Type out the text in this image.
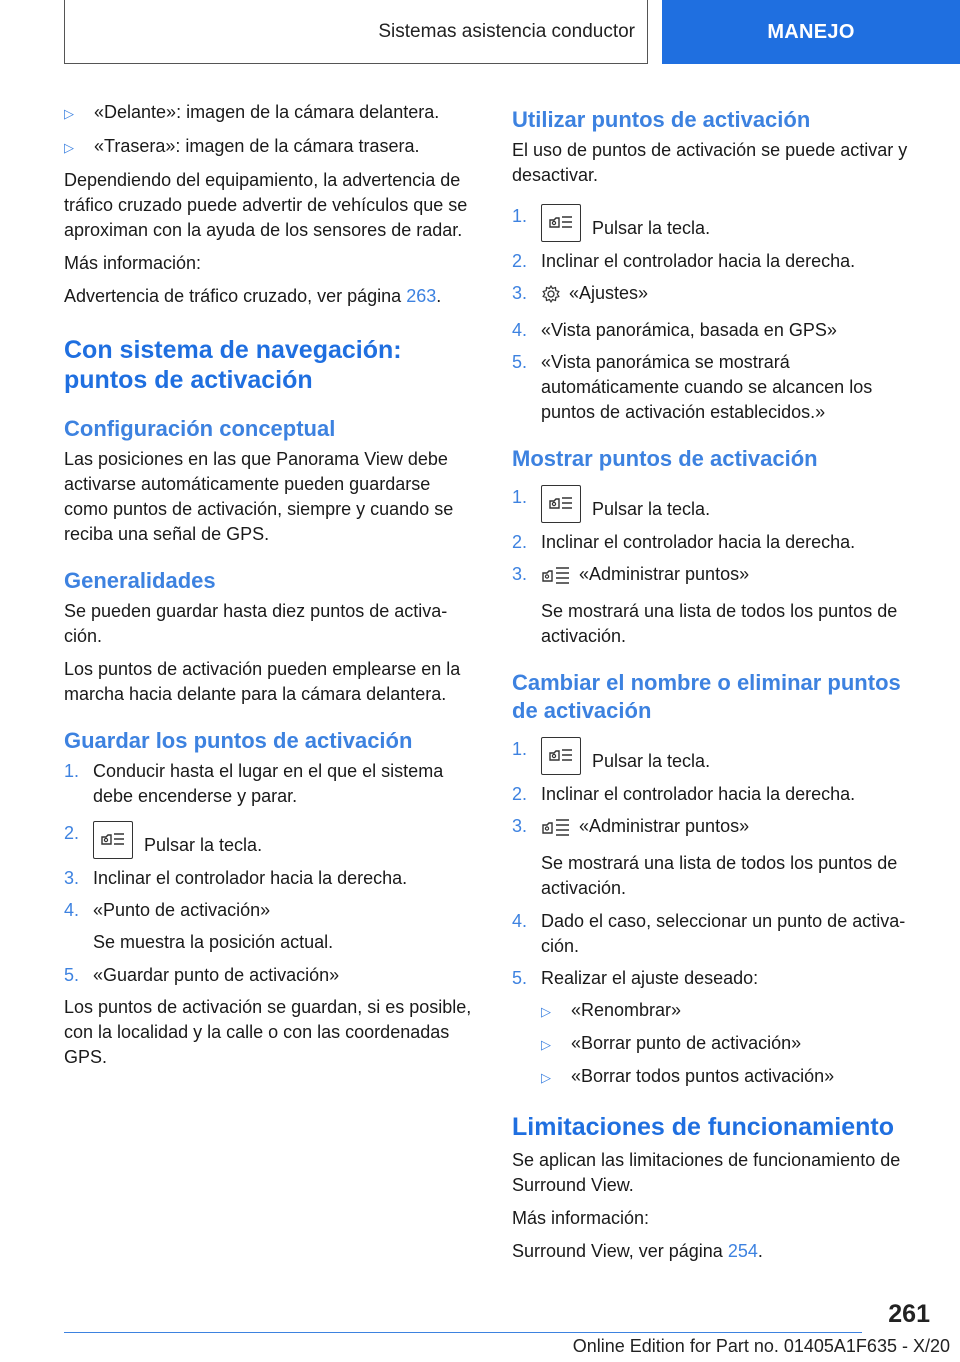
Sistemas asistencia conductor	MANEJO
▷	«Delante»: imagen de la cámara delantera.
▷	«Trasera»: imagen de la cámara trasera.

Dependiendo del equipamiento, la advertencia de tráfico cruzado puede advertir de vehículos que se aproximan con la ayuda de los sensores de radar.

Más información:

Advertencia de tráfico cruzado, ver página 263.

Con sistema de navegación: puntos de activación
Configuración conceptual

Las posiciones en las que Panorama View debe activarse automáticamente pueden guardarse como puntos de activación, siempre y cuando se reciba una señal de GPS.

Generalidades

Se pueden guardar hasta diez puntos de activación.

Los puntos de activación pueden emplearse en la marcha hacia delante para la cámara delantera.

Guardar los puntos de activación
1. Conducir hasta el lugar en el que el sistema debe encenderse y parar.
2.
Pulsar la tecla.
3. Inclinar el controlador hacia la derecha.
4. «Punto de activación»
Se muestra la posición actual.
5. «Guardar punto de activación»

Los puntos de activación se guardan, si es posible, con la localidad y la calle o con las coordenadas GPS.

Utilizar puntos de activación

El uso de puntos de activación se puede activar y desactivar.

1.
Pulsar la tecla.
2. Inclinar el controlador hacia la derecha.
3.	«Ajustes»
4. «Vista panorámica, basada en GPS»
5. «Vista panorámica se mostrará automáticamente cuando se alcancen los puntos de activación establecidos.»
Mostrar puntos de activación
1.
Pulsar la tecla.
2. Inclinar el controlador hacia la derecha.
3.	«Administrar puntos»
Se mostrará una lista de todos los puntos de activación.
Cambiar el nombre o eliminar puntos de activación
1.
Pulsar la tecla.
2. Inclinar el controlador hacia la derecha.
3.	«Administrar puntos»
Se mostrará una lista de todos los puntos de activación.
4. Dado el caso, seleccionar un punto de activación.
5. Realizar el ajuste deseado:
▷	«Renombrar»
▷	«Borrar punto de activación»
▷	«Borrar todos puntos activación»
Limitaciones de funcionamiento

Se aplican las limitaciones de funcionamiento de Surround View.

Más información:

Surround View, ver página 254.

261
Online Edition for Part no. 01405A1F635 - X/20
